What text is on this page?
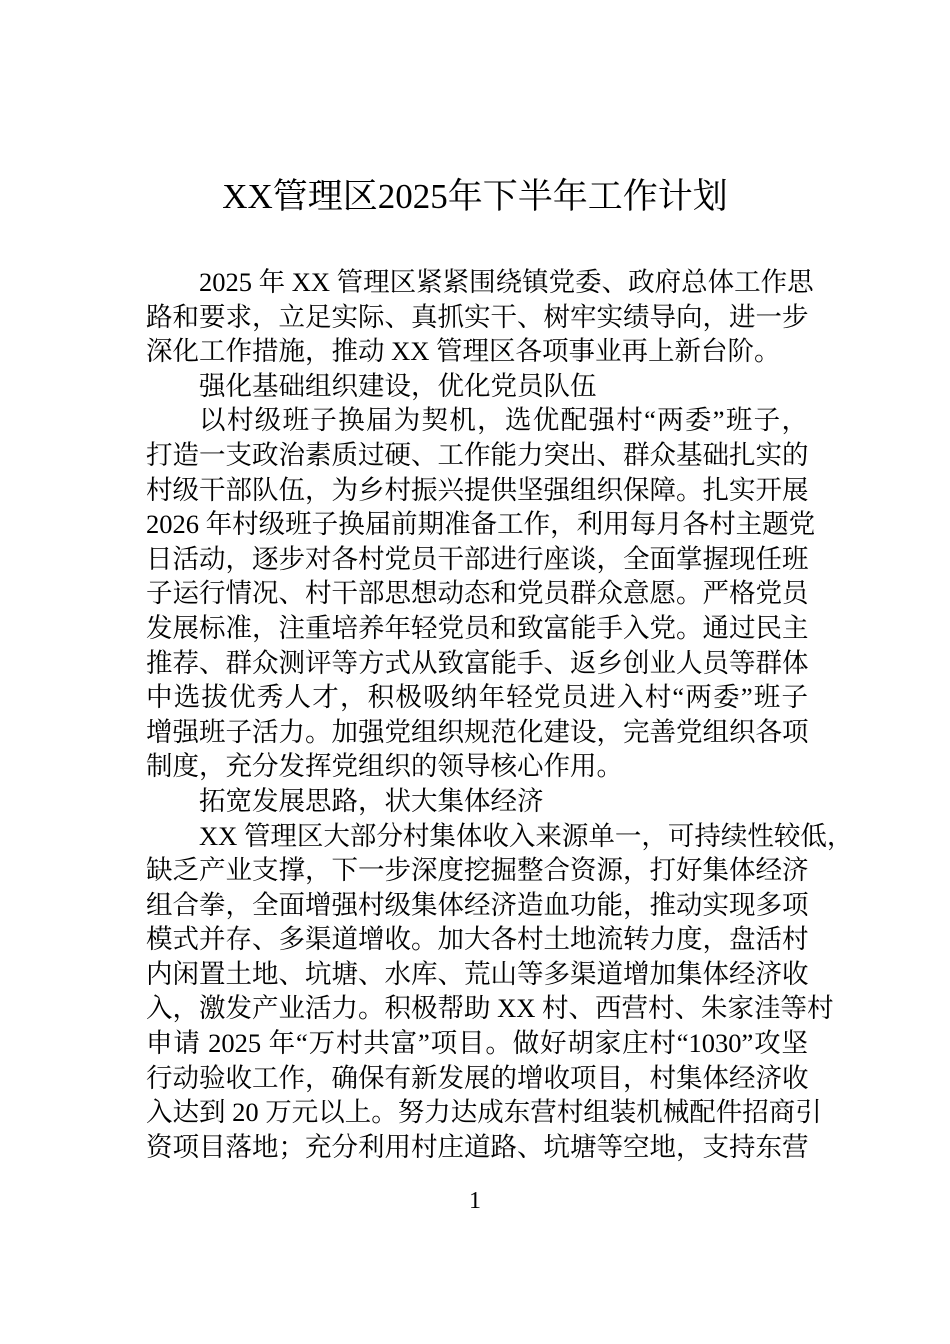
XX管理区2025年下半年工作计划
2025 年 XX 管理区紧紧围绕镇党委、政府总体工作思
路和要求，立足实际、真抓实干、树牢实绩导向，进一步
深化工作措施，推动 XX 管理区各项事业再上新台阶。
强化基础组织建设，优化党员队伍
以村级班子换届为契机，选优配强村“两委”班子，
打造一支政治素质过硬、工作能力突出、群众基础扎实的
村级干部队伍，为乡村振兴提供坚强组织保障。扎实开展
2026 年村级班子换届前期准备工作，利用每月各村主题党
日活动，逐步对各村党员干部进行座谈，全面掌握现任班
子运行情况、村干部思想动态和党员群众意愿。严格党员
发展标准，注重培养年轻党员和致富能手入党。通过民主
推荐、群众测评等方式从致富能手、返乡创业人员等群体
中选拔优秀人才，积极吸纳年轻党员进入村“两委”班子
增强班子活力。加强党组织规范化建设，完善党组织各项
制度，充分发挥党组织的领导核心作用。
拓宽发展思路，状大集体经济
XX 管理区大部分村集体收入来源单一，可持续性较低，
缺乏产业支撑，下一步深度挖掘整合资源，打好集体经济
组合拳，全面增强村级集体经济造血功能，推动实现多项
模式并存、多渠道增收。加大各村土地流转力度，盘活村
内闲置土地、坑塘、水库、荒山等多渠道增加集体经济收
入，激发产业活力。积极帮助 XX 村、西营村、朱家洼等村
申请 2025 年“万村共富”项目。做好胡家庄村“1030”攻坚
行动验收工作，确保有新发展的增收项目，村集体经济收
入达到 20 万元以上。努力达成东营村组装机械配件招商引
资项目落地；充分利用村庄道路、坑塘等空地，支持东营
1
